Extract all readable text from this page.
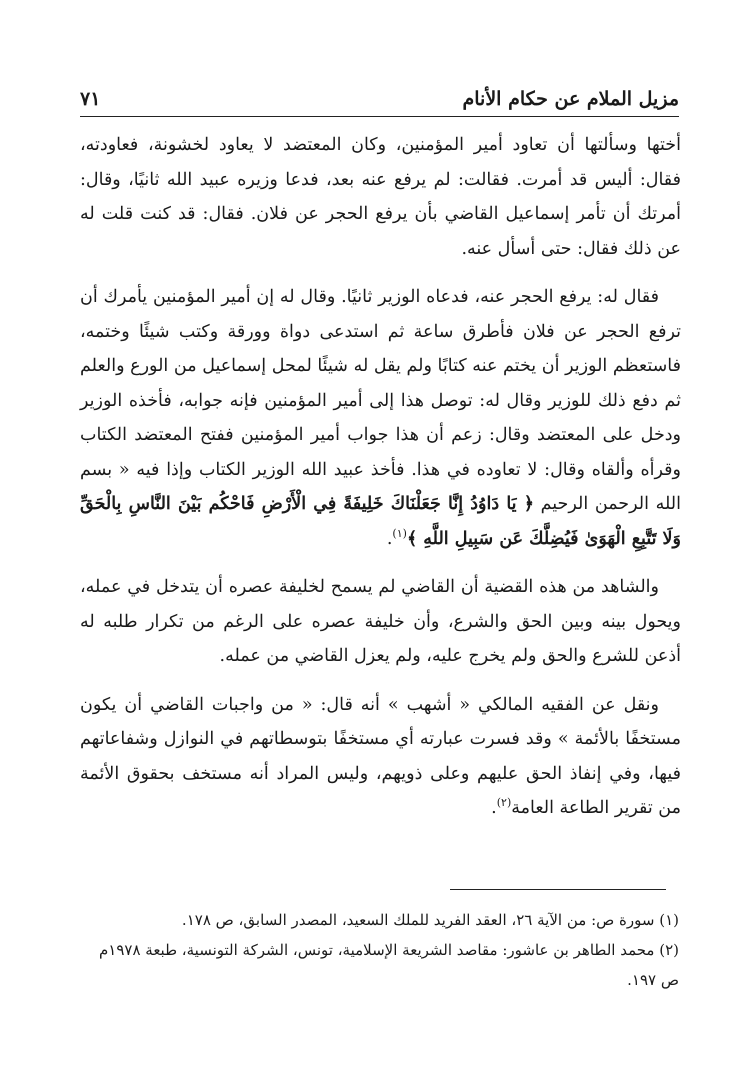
مزيل الملام عن حكام الأنام
٧١

أختها وسألتها أن تعاود أمير المؤمنين، وكان المعتضد لا يعاود لخشونة، فعاودته، فقال: أليس قد أمرت. فقالت: لم يرفع عنه بعد، فدعا وزيره عبيد الله ثانيًا، وقال: أمرتك أن تأمر إسماعيل القاضي بأن يرفع الحجر عن فلان. فقال: قد كنت قلت له عن ذلك فقال: حتى أسأل عنه.

فقال له: يرفع الحجر عنه، فدعاه الوزير ثانيًا. وقال له إن أمير المؤمنين يأمرك أن ترفع الحجر عن فلان فأطرق ساعة ثم استدعى دواة وورقة وكتب شيئًا وختمه، فاستعظم الوزير أن يختم عنه كتابًا ولم يقل له شيئًا لمحل إسماعيل من الورع والعلم ثم دفع ذلك للوزير وقال له: توصل هذا إلى أمير المؤمنين فإنه جوابه، فأخذه الوزير ودخل على المعتضد وقال: زعم أن هذا جواب أمير المؤمنين ففتح المعتضد الكتاب وقرأه وألقاه وقال: لا تعاوده في هذا. فأخذ عبيد الله الوزير الكتاب وإذا فيه « بسم الله الرحمن الرحيم ﴿ يَا دَاوُدُ إِنَّا جَعَلْنَاكَ خَلِيفَةً فِي الْأَرْضِ فَاحْكُم بَيْنَ النَّاسِ بِالْحَقِّ وَلَا تَتَّبِعِ الْهَوَىٰ فَيُضِلَّكَ عَن سَبِيلِ اللَّهِ ﴾$^{(١)}$.

والشاهد من هذه القضية أن القاضي لم يسمح لخليفة عصره أن يتدخل في عمله، ويحول بينه وبين الحق والشرع، وأن خليفة عصره على الرغم من تكرار طلبه له أذعن للشرع والحق ولم يخرج عليه، ولم يعزل القاضي من عمله.

ونقل عن الفقيه المالكي « أشهب » أنه قال: « من واجبات القاضي أن يكون مستخفًا بالأئمة » وقد فسرت عبارته أي مستخفًا بتوسطاتهم في النوازل وشفاعاتهم فيها، وفي إنفاذ الحق عليهم وعلى ذويهم، وليس المراد أنه مستخف بحقوق الأئمة من تقرير الطاعة العامة$^{(٢)}$.

(١) سورة ص: من الآية ٢٦، العقد الفريد للملك السعيد، المصدر السابق، ص ١٧٨.

(٢) محمد الطاهر بن عاشور: مقاصد الشريعة الإسلامية، تونس، الشركة التونسية، طبعة ١٩٧٨م ص ١٩٧.
